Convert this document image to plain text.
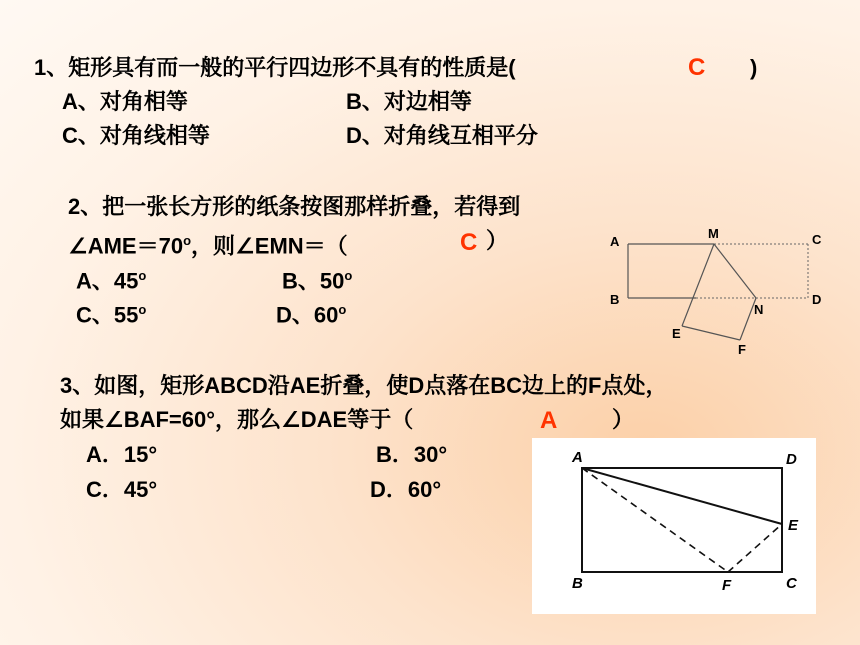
1、矩形具有而一般的平行四边形不具有的性质是(	C )
A、对角相等	B、对边相等
C、对角线相等	D、对角线互相平分
2、把一张长方形的纸条按图那样折叠，若得到
$\angle AME=70^o$，则∠EMN＝（	C ）
A、45$^o$	B、50$^o$
C、55$^o$	D、60$^o$
A
M	C
B
N
D
E
F
3、如图，矩形ABCD沿AE折叠，使D点落在BC边上的F点处，
如果∠BAF=60°，那么∠DAE等于（	A ）
A．15°	B．30°
C．45°	D．60°
A	D
E
B	F	C
